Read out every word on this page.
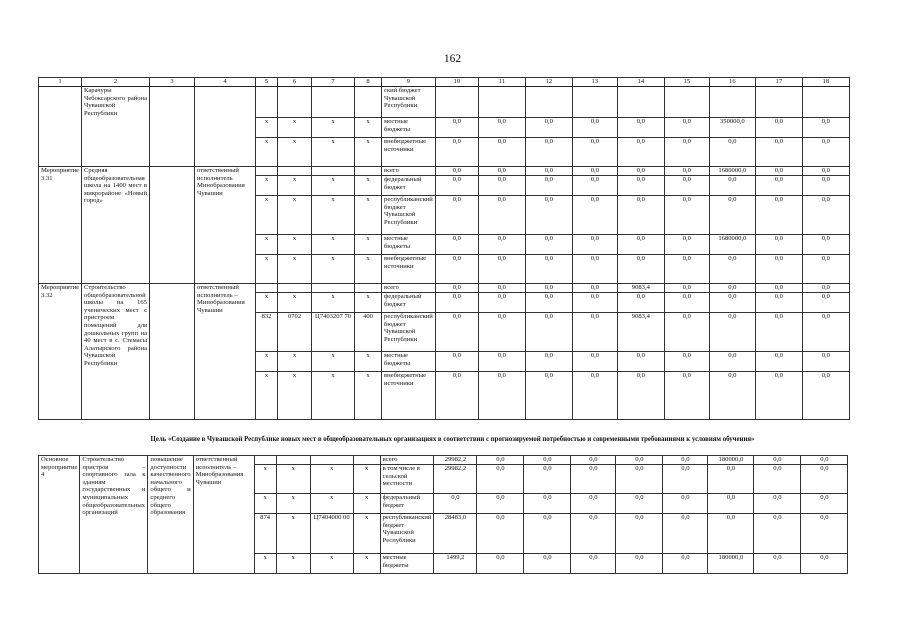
162
1	2	3	4	5	6	7	8	9	10	11	12	13	14	15	16	17	18
	Карачуры Чебоксарского района Чувашской Республики							ский бюджет Чувашской Республики									
				x	x	x	x	местные бюджеты	0,0	0,0	0,0	0,0	0,0	0,0	350000,0	0,0	0,0
				x	x	x	x	внебюджетные источники	0,0	0,0	0,0	0,0	0,0	0,0	0,0	0,0	0,0
Мероприятие 3.31	Средняя общеобразовательная школа на 1400 мест в микрорайоне «Новый город»		ответственный исполнитель Минобразования Чувашии					всего	0,0	0,0	0,0	0,0	0,0	0,0	1680000,0	0,0	0,0
				x	x	x	x	федеральный бюджет	0,0	0,0	0,0	0,0	0,0	0,0	0,0	0,0	0,0
				x	x	x	x	республиканский бюджет Чувашской Республики	0,0	0,0	0,0	0,0	0,0	0,0	0,0	0,0	0,0
				x	x	x	x	местные бюджеты	0,0	0,0	0,0	0,0	0,0	0,0	1680000,0	0,0	0,0
				x	x	x	x	внебюджетные источники	0,0	0,0	0,0	0,0	0,0	0,0	0,0	0,0	0,0
Мероприятие 3.32	Строительство общеобразовательной школы на 165 ученических мест с пристроем помещений для дошкольных групп на 40 мест в с. Стемасы Алатырского района Чувашской Республики		ответственный исполнитель – Минобразования Чувашии					всего	0,0	0,0	0,0	0,0	9083,4	0,0	0,0	0,0	0,0
				x	x	x	x	федеральный бюджет	0,0	0,0	0,0	0,0	0,0	0,0	0,0	0,0	0,0
				832	0702	Ц7403207 70	400	республиканский бюджет Чувашской Республики	0,0	0,0	0,0	0,0	9083,4	0,0	0,0	0,0	0,0
				x	x	x	x	местные бюджеты	0,0	0,0	0,0	0,0	0,0	0,0	0,0	0,0	0,0
				x	x	x	x	внебюджетные источники	0,0	0,0	0,0	0,0	0,0	0,0	0,0	0,0	0,0
Цель «Создание в Чувашской Республике новых мест в общеобразовательных организациях в соответствии с прогнозируемой потребностью и современными требованиями к условиям обучения»
Основное мероприятие 4	Строительство пристроя – спортивного зала к зданиям государственных и муниципальных общеобразовательных организаций	повышение доступности качественного начального общего и среднего общего образования	ответственный исполнитель – Минобразования Чувашии					всего	29982,2	0,0	0,0	0,0	0,0	0,0	180000,0	0,0	0,0
				x	x	x	x	в том числе в сельской местности	29982,2	0,0	0,0	0,0	0,0	0,0	0,0	0,0	0,0
				x	x	x	x	федеральный бюджет	0,0	0,0	0,0	0,0	0,0	0,0	0,0	0,0	0,0
				874	x	Ц7404000 00	x	республиканский бюджет Чувашской Республики	28483,0	0,0	0,0	0,0	0,0	0,0	0,0	0,0	0,0
				x	x	x	x	местные бюджеты	1499,2	0,0	0,0	0,0	0,0	0,0	180000,0	0,0	0,0
